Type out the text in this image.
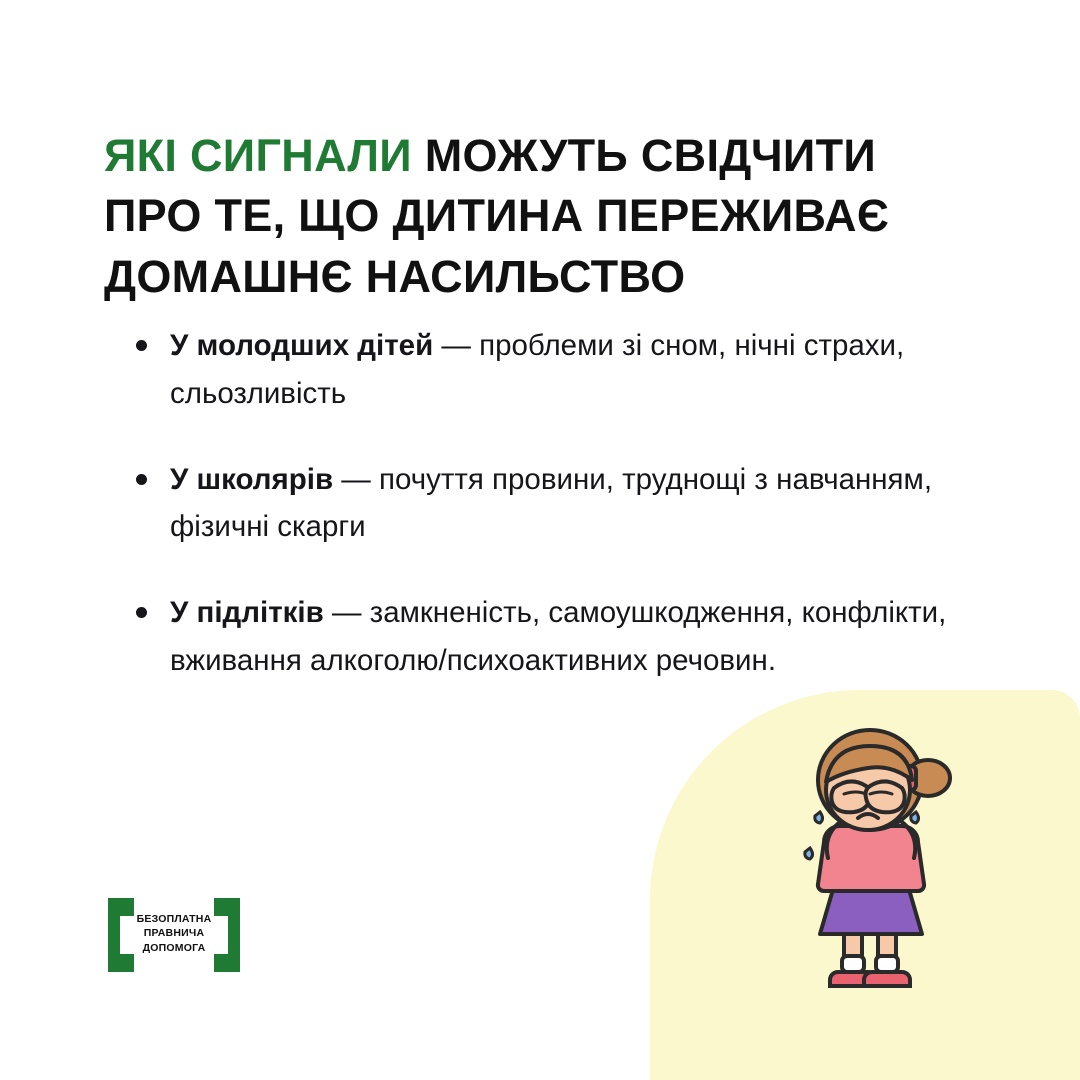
ЯКІ СИГНАЛИ МОЖУТЬ СВІДЧИТИ ПРО ТЕ, ЩО ДИТИНА ПЕРЕЖИВАЄ ДОМАШНЄ НАСИЛЬСТВО
У молодших дітей — проблеми зі сном, нічні страхи, сльозливість
У школярів — почуття провини, труднощі з навчанням, фізичні скарги
У підлітків — замкненість, самоушкодження, конфлікти, вживання алкоголю/психоактивних речовин.
БЕЗОПЛАТНА
ПРАВНИЧА
ДОПОМОГА
